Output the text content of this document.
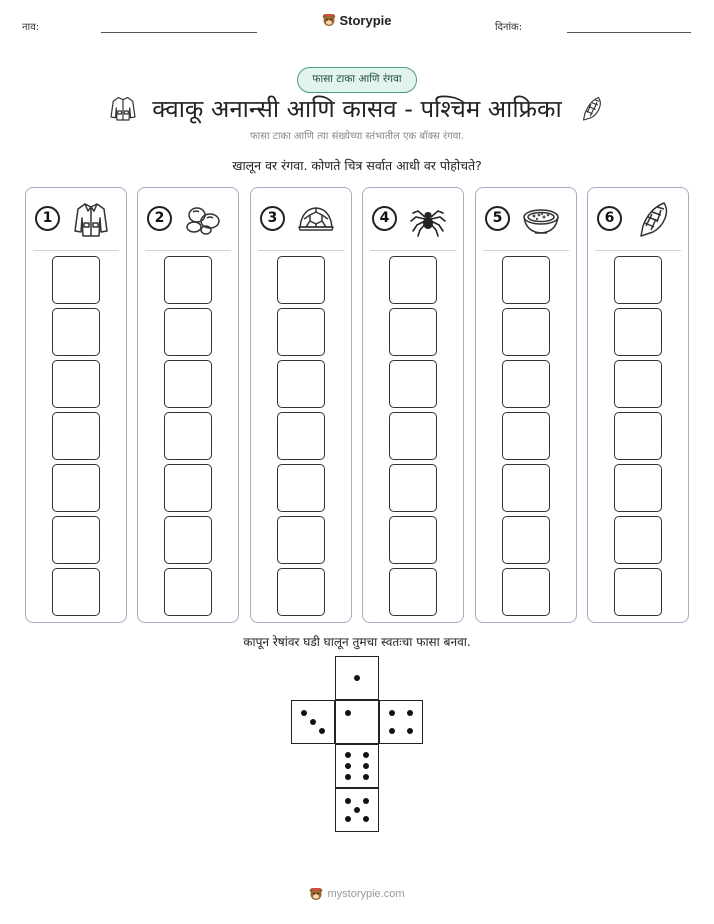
नाव:	Storypie	दिनांक:
फासा टाका आणि रंगवा
क्वाकू अनान्सी आणि कासव - पश्चिम आफ्रिका
फासा टाका आणि त्या संख्येच्या स्तंभातील एक बॉक्स रंगवा.
खालून वर रंगवा. कोणते चित्र सर्वात आधी वर पोहोचते?
1	2	3	4	5	6
कापून रेषांवर घडी घालून तुमचा स्वतःचा फासा बनवा.
mystorypie.com
